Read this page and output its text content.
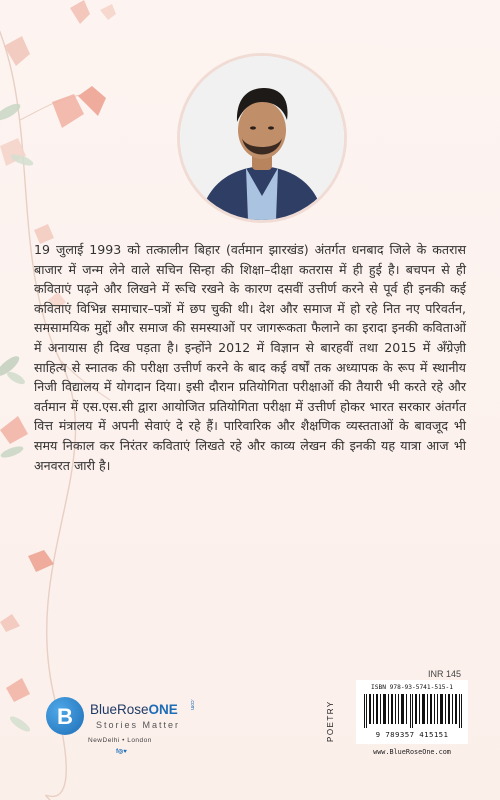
19 जुलाई 1993 को तत्कालीन बिहार (वर्तमान झारखंड) अंतर्गत धनबाद जिले के कतरास बाजार में जन्म लेने वाले सचिन सिन्हा की शिक्षा–दीक्षा कतरास में ही हुई है। बचपन से ही कविताएं पढ़ने और लिखने में रूचि रखने के कारण दसवीं उत्तीर्ण करने से पूर्व ही इनकी कई कविताएं विभिन्न समाचार–पत्रों में छप चुकी थी। देश और समाज में हो रहे नित नए परिवर्तन, समसामयिक मुद्दों और समाज की समस्याओं पर जागरूकता फैलाने का इरादा इनकी कविताओं में अनायास ही दिख पड़ता है। इन्होंने 2012 में विज्ञान से बारहवीं तथा 2015 में अँग्रेज़ी साहित्य से स्नातक की परीक्षा उत्तीर्ण करने के बाद कई वर्षों तक अध्यापक के रूप में स्थानीय निजी विद्यालय में योगदान दिया। इसी दौरान प्रतियोगिता परीक्षाओं की तैयारी भी करते रहे और वर्तमान में एस.एस.सी द्वारा आयोजित प्रतियोगिता परीक्षा में उत्तीर्ण होकर भारत सरकार अंतर्गत वित्त मंत्रालय में अपनी सेवाएं दे रहे हैं। पारिवारिक और शैक्षणिक व्यस्तताओं के बावजूद भी समय निकाल कर निरंतर कविताएं लिखते रहे और काव्य लेखन की इनकी यह यात्रा आज भी अनवरत जारी है।

INR 145
POETRY
ISBN 978-93-5741-515-1
9 789357 415151
www.BlueRoseOne.com
B BlueRoseONE .com
Stories Matter
NewDelhi • London
f◎♥
